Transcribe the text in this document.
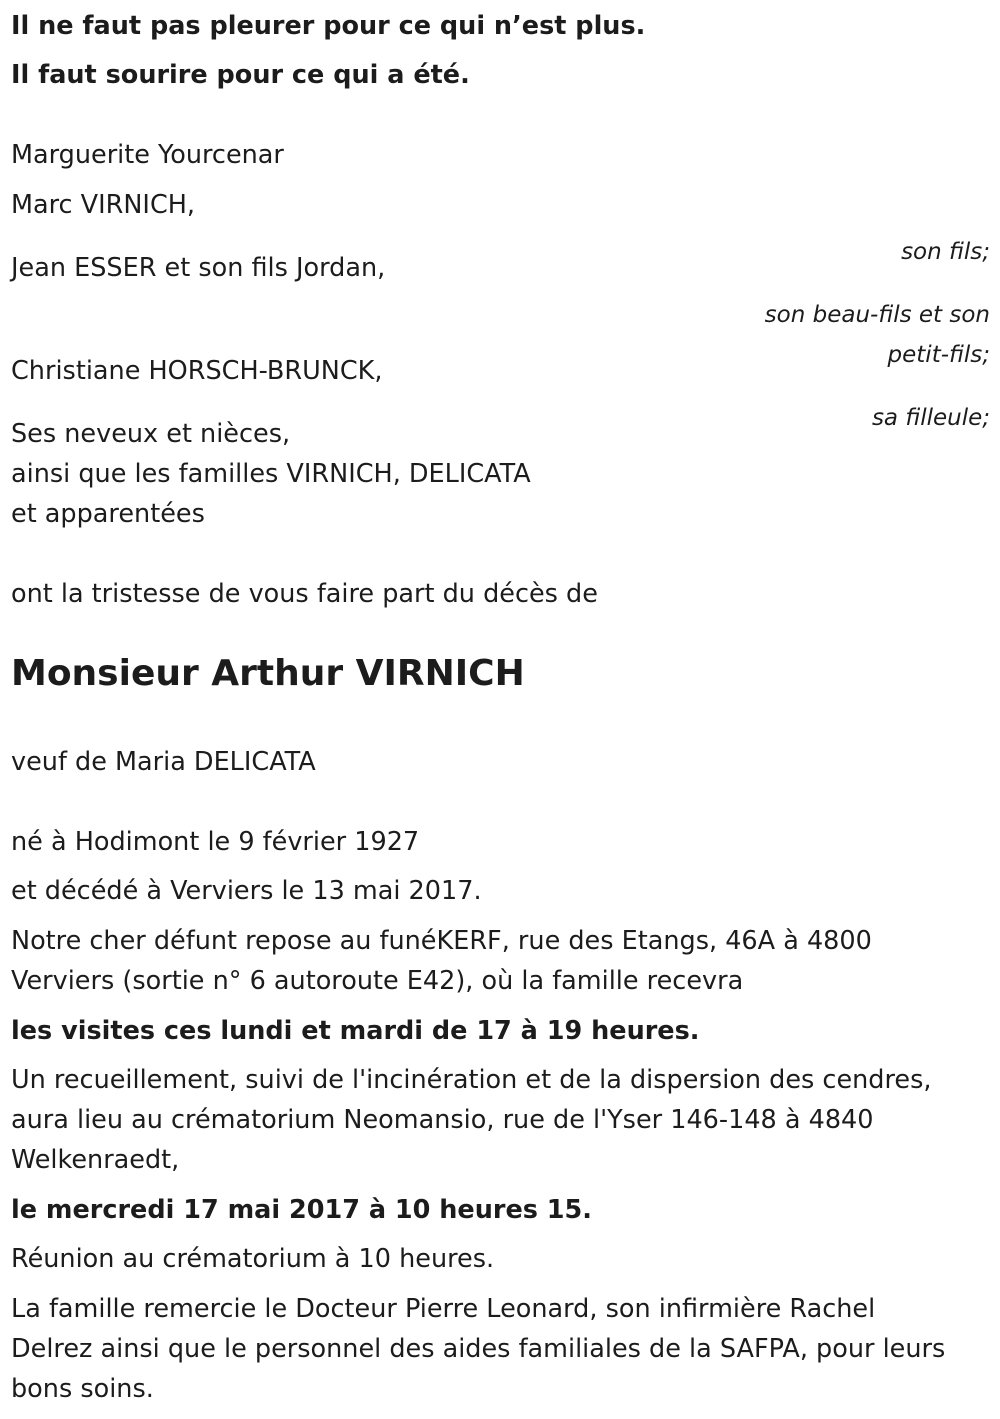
Il ne faut pas pleurer pour ce qui n’est plus.

Il faut sourire pour ce qui a été.

Marguerite Yourcenar

Marc VIRNICH,

son fils;

Jean ESSER et son fils Jordan,

son beau-fils et son

petit-fils;

Christiane HORSCH-BRUNCK,

sa filleule;

Ses neveux et nièces,

ainsi que les familles VIRNICH, DELICATA

et apparentées

ont la tristesse de vous faire part du décès de

Monsieur Arthur VIRNICH

veuf de Maria DELICATA

né à Hodimont le 9 février 1927

et décédé à Verviers le 13 mai 2017.

Notre cher défunt repose au funéKERF, rue des Etangs, 46A à 4800

Verviers (sortie n° 6 autoroute E42), où la famille recevra

les visites ces lundi et mardi de 17 à 19 heures.

Un recueillement, suivi de l'incinération et de la dispersion des cendres,

aura lieu au crématorium Neomansio, rue de l'Yser 146-148 à 4840

Welkenraedt,

le mercredi 17 mai 2017 à 10 heures 15.

Réunion au crématorium à 10 heures.

La famille remercie le Docteur Pierre Leonard, son infirmière Rachel

Delrez ainsi que le personnel des aides familiales de la SAFPA, pour leurs

bons soins.
